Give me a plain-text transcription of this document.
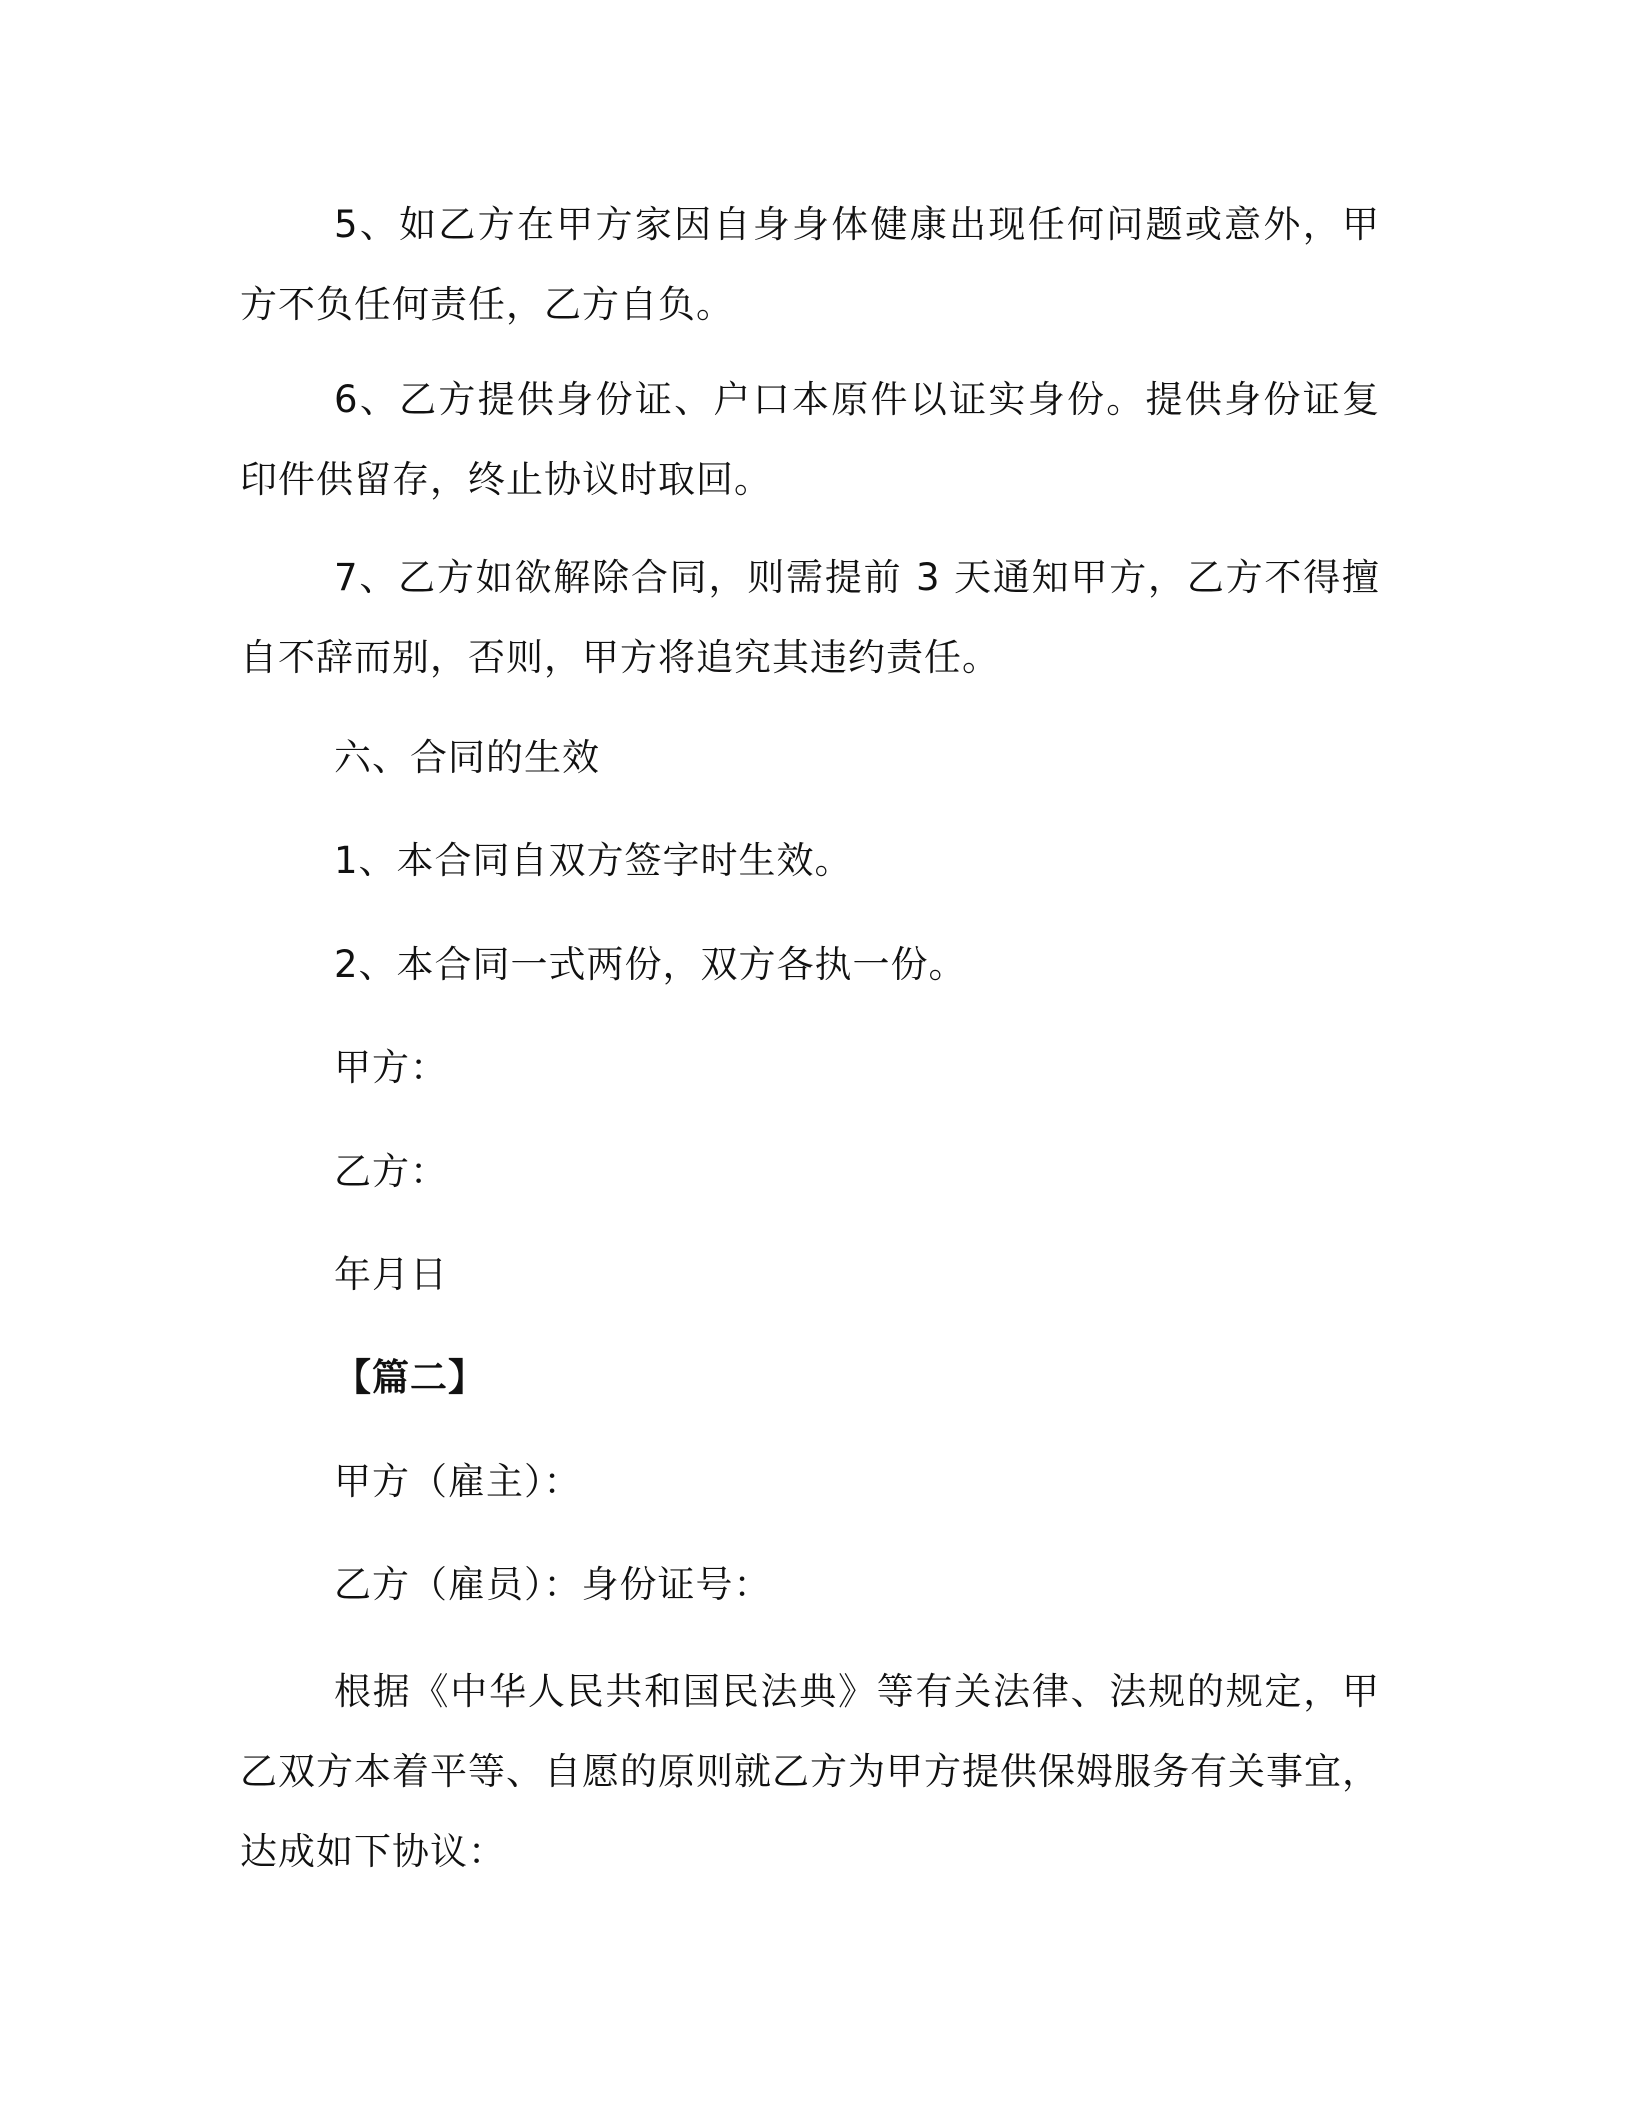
5、如乙方在甲方家因自身身体健康出现任何问题或意外，甲方不负任何责任，乙方自负。

6、乙方提供身份证、户口本原件以证实身份。提供身份证复印件供留存，终止协议时取回。

7、乙方如欲解除合同，则需提前 3 天通知甲方，乙方不得擅自不辞而别，否则，甲方将追究其违约责任。

六、合同的生效

1、本合同自双方签字时生效。

2、本合同一式两份，双方各执一份。

甲方：

乙方：

年月日

【篇二】

甲方（雇主）：

乙方（雇员）：身份证号：

根据《中华人民共和国民法典》等有关法律、法规的规定，甲乙双方本着平等、自愿的原则就乙方为甲方提供保姆服务有关事宜，达成如下协议：
